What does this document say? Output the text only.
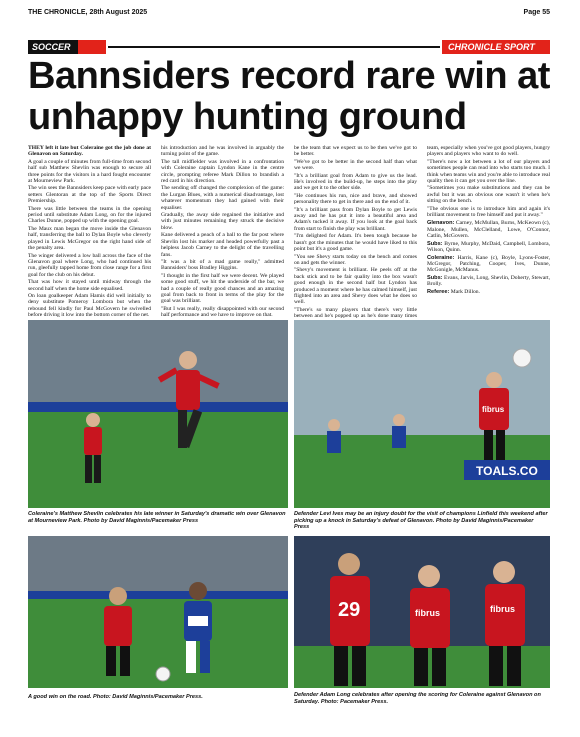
THE CHRONICLE, 28th August 2025	Page 55
SOCCER	CHRONICLE SPORT
Bannsiders record rare win at unhappy hunting ground

THEY left it late but Coleraine got the job done at Glenavon on Saturday.

A goal a couple of minutes from full-time from second half sub Matthew Shevlin was enough to secure all three points for the visitors in a hard fought encounter at Mourneview Park.

The win sees the Bannsiders keep pace with early pace setters Glentoran at the top of the Sports Direct Premiership.

There was little between the teams in the opening period until substitute Adam Long, on for the injured Charles Dunne, popped up with the opening goal.

The Maux man began the move inside the Glenavon half, transferring the ball to Dylan Boyle who cleverly played in Lewis McGregor on the right hand side of the penalty area.

The winger delivered a low ball across the face of the Glenavon goal where Long, who had continued his run, gleefully tapped home from close range for a first goal for the club on his debut.

That was how it stayed until midway through the second half when the home side equalised.

On loan goalkeeper Adam Hamis did well initially to deny substitute Pomeroy Lombora but when the rebound fell kindly for Paul McGovern he swivelled before driving it low into the bottom corner of the net.

his introduction and he was involved in arguably the turning point of the game.

The tall midfielder was involved in a confrontation with Coleraine captain Lyndon Kane in the centre circle, prompting referee Mark Dillon to brandish a red card in his direction.

The sending off changed the complexion of the game: the Lurgan Blues, with a numerical disadvantage, lost whatever momentum they had gained with their equaliser.

Gradually, the away side regained the initiative and with just minutes remaining they struck the decisive blow.

Kane delivered a peach of a ball to the far post where Shevlin lost his marker and headed powerfully past a helpless Jacob Carney to the delight of the travelling fans.

"It was a bit of a mad game really," admitted Bannsiders' boss Bradley Higgins.

"I thought in the first half we were decent. We played some good stuff, we hit the underside of the bar, we had a couple of really good chances and an amazing goal from back to front in terms of the play for the goal was brilliant.

"But I was really, really disappointed with our second half performance and we have to improve on that.

be the team that we expect us to be then we've got to be better.

"We've got to be better in the second half than what we were.

"It's a brilliant goal from Adam to give us the lead. He's involved in the build-up, he steps into the play and we get it to the other side.

"He continues his run, nice and brave, and showed personality there to get in there and on the end of it.

"It's a brilliant pass from Dylan Boyle to get Lewis away and he has put it into a beautiful area and Adam's tucked it away. If you look at the goal back from start to finish the play was brilliant.

"I'm delighted for Adam. It's been tough because he hasn't got the minutes that he would have liked to this point but it's a good game.

"You see Shevy starts today on the bench and comes on and gets the winner.

"Shevy's movement is brilliant. He peels off at the back stick and to be fair quality into the box wasn't good enough in the second half but Lyndon has produced a moment where he has calmed himself, just flighted into an area and Shevy does what he does so well.

"There's so many players that there's very little between and he's popped up as he's done many times

team, especially when you've got good players, hungry players and players who want to do well.

"There's now a lot between a lot of our players and sometimes people can read into who starts too much. I think when teams win and you're able to introduce real quality then it can get you over the line.

"Sometimes you make substitutions and they can be awful but it was an obvious one wasn't it when he's sitting on the bench.

"The obvious one is to introduce him and again it's brilliant movement to free himself and put it away."

Glenavon: Carney, McMullan, Burns, McKeown (c), Malone, Mullen, McClelland, Lowe, O'Connor, Catlin, McGovern.

Subs: Byrne, Murphy, McDaid, Campbell, Lombora, Wilson, Quinn.

Coleraine: Harris, Kane (c), Boyle, Lyons-Foster, McGregor, Patching, Cooper, Ives, Dunne, McGonigle, McManus.

Subs: Evans, Jarvis, Long, Shevlin, Doherty, Stewart, Brolly.

Referee: Mark Dillon.

Coleraine's Matthew Shevlin celebrates his late winner in Saturday's dramatic win over Glenavon at Mourneview Park. Photo by David Maginnis/Pacemaker Press
TOALS.CO
fibrus
Defender Levi Ives may be an injury doubt for the visit of champions Linfield this weekend after picking up a knock in Saturday's defeat of Glenavon. Photo by David Maginnis/Pacemaker Press
A good win on the road. Photo: David Maginnis/Pacemaker Press.
29	fibrus	fibrus
Defender Adam Long celebrates after opening the scoring for Coleraine against Glenavon on Saturday. Photo: Pacemaker Press.
